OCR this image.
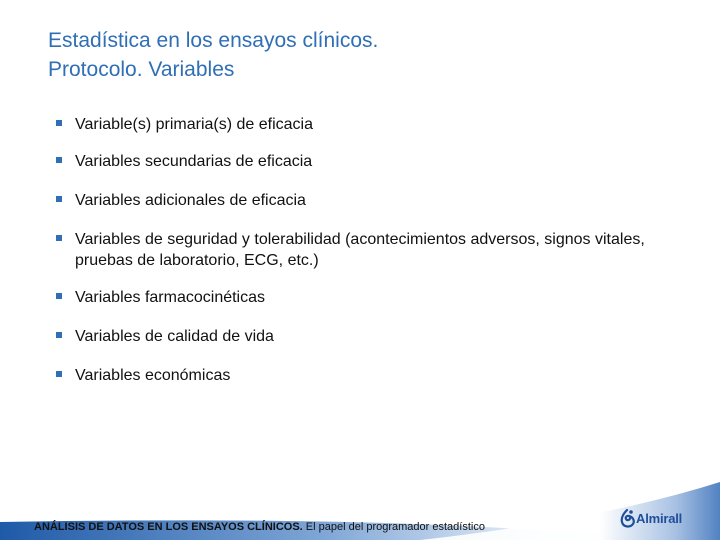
Estadística en los ensayos clínicos.
Protocolo. Variables
Variable(s) primaria(s) de eficacia
Variables secundarias de eficacia
Variables adicionales de eficacia
Variables de seguridad y tolerabilidad (acontecimientos adversos, signos vitales, pruebas de laboratorio, ECG, etc.)
Variables farmacocinéticas
Variables de calidad de vida
Variables económicas
ANÁLISIS DE DATOS EN LOS ENSAYOS CLÍNICOS. El papel del programador estadístico
Almirall
